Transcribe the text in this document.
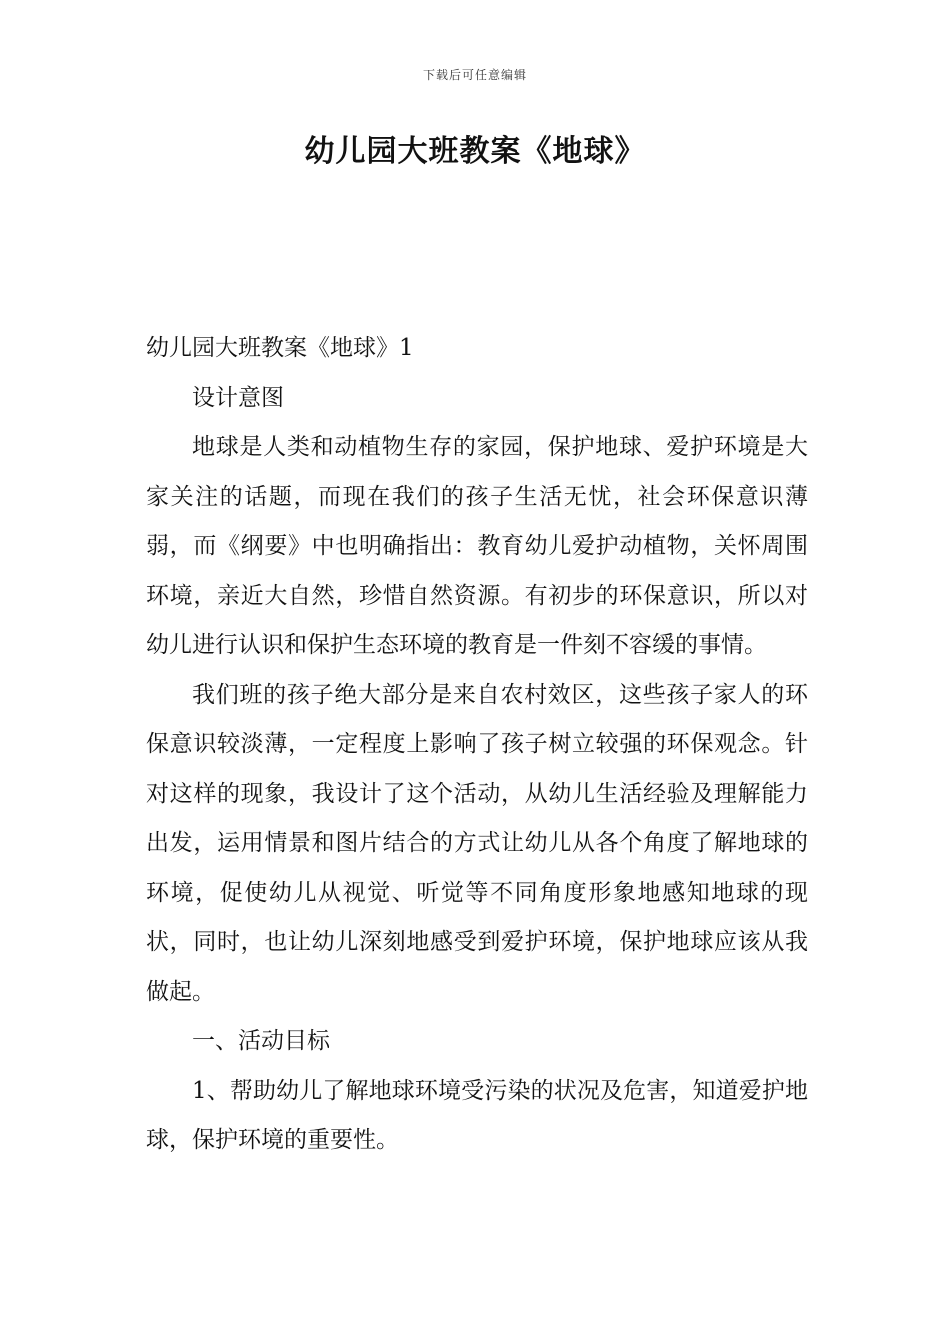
下载后可任意编辑
幼儿园大班教案《地球》

幼儿园大班教案《地球》1

设计意图

地球是人类和动植物生存的家园，保护地球、爱护环境是大家关注的话题，而现在我们的孩子生活无忧，社会环保意识薄弱，而《纲要》中也明确指出：教育幼儿爱护动植物，关怀周围环境，亲近大自然，珍惜自然资源。有初步的环保意识，所以对幼儿进行认识和保护生态环境的教育是一件刻不容缓的事情。

我们班的孩子绝大部分是来自农村效区，这些孩子家人的环保意识较淡薄，一定程度上影响了孩子树立较强的环保观念。针对这样的现象，我设计了这个活动，从幼儿生活经验及理解能力出发，运用情景和图片结合的方式让幼儿从各个角度了解地球的环境，促使幼儿从视觉、听觉等不同角度形象地感知地球的现状，同时，也让幼儿深刻地感受到爱护环境，保护地球应该从我做起。

一、活动目标

1、帮助幼儿了解地球环境受污染的状况及危害，知道爱护地球，保护环境的重要性。
